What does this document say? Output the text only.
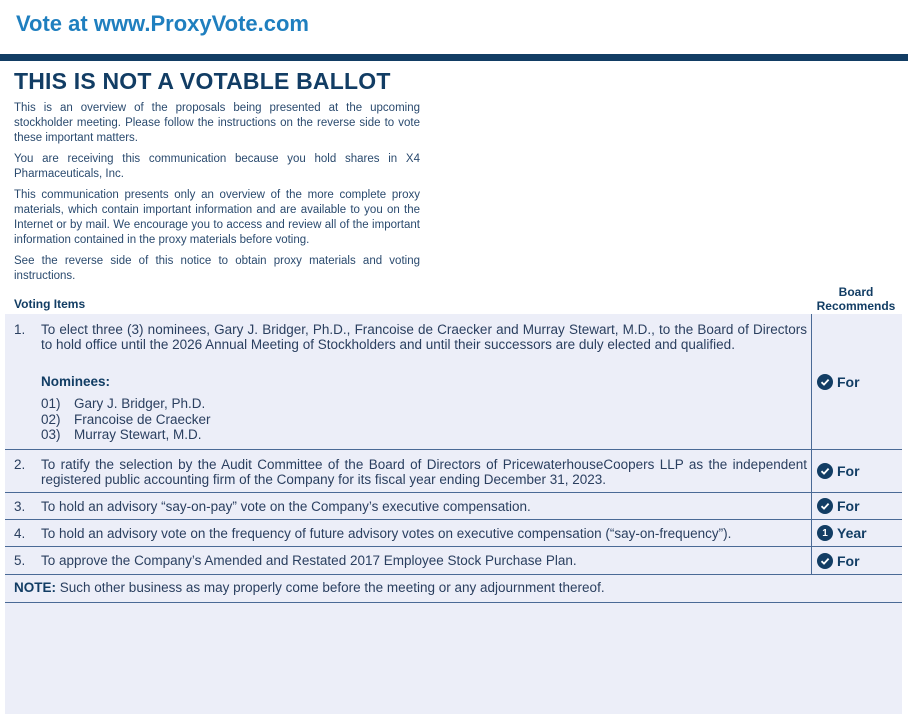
Vote at www.ProxyVote.com
THIS IS NOT A VOTABLE BALLOT

This is an overview of the proposals being presented at the upcoming stockholder meeting. Please follow the instructions on the reverse side to vote these important matters.

You are receiving this communication because you hold shares in X4 Pharmaceuticals, Inc.

This communication presents only an overview of the more complete proxy materials, which contain important information and are available to you on the Internet or by mail. We encourage you to access and review all of the important information contained in the proxy materials before voting.

See the reverse side of this notice to obtain proxy materials and voting instructions.

Voting Items
Board
Recommends
1. To elect three (3) nominees, Gary J. Bridger, Ph.D., Francoise de Craecker and Murray Stewart, M.D., to the Board of Directors to hold office until the 2026 Annual Meeting of Stockholders and until their successors are duly elected and qualified.
Nominees:
01) Gary J. Bridger, Ph.D.
02) Francoise de Craecker
03) Murray Stewart, M.D.
For
2. To ratify the selection by the Audit Committee of the Board of Directors of PricewaterhouseCoopers LLP as the independent registered public accounting firm of the Company for its fiscal year ending December 31, 2023.
For
3. To hold an advisory “say-on-pay” vote on the Company’s executive compensation.	For
4. To hold an advisory vote on the frequency of future advisory votes on executive compensation (“say-on-frequency”).	1 Year
5. To approve the Company’s Amended and Restated 2017 Employee Stock Purchase Plan.	For
NOTE: Such other business as may properly come before the meeting or any adjournment thereof.
